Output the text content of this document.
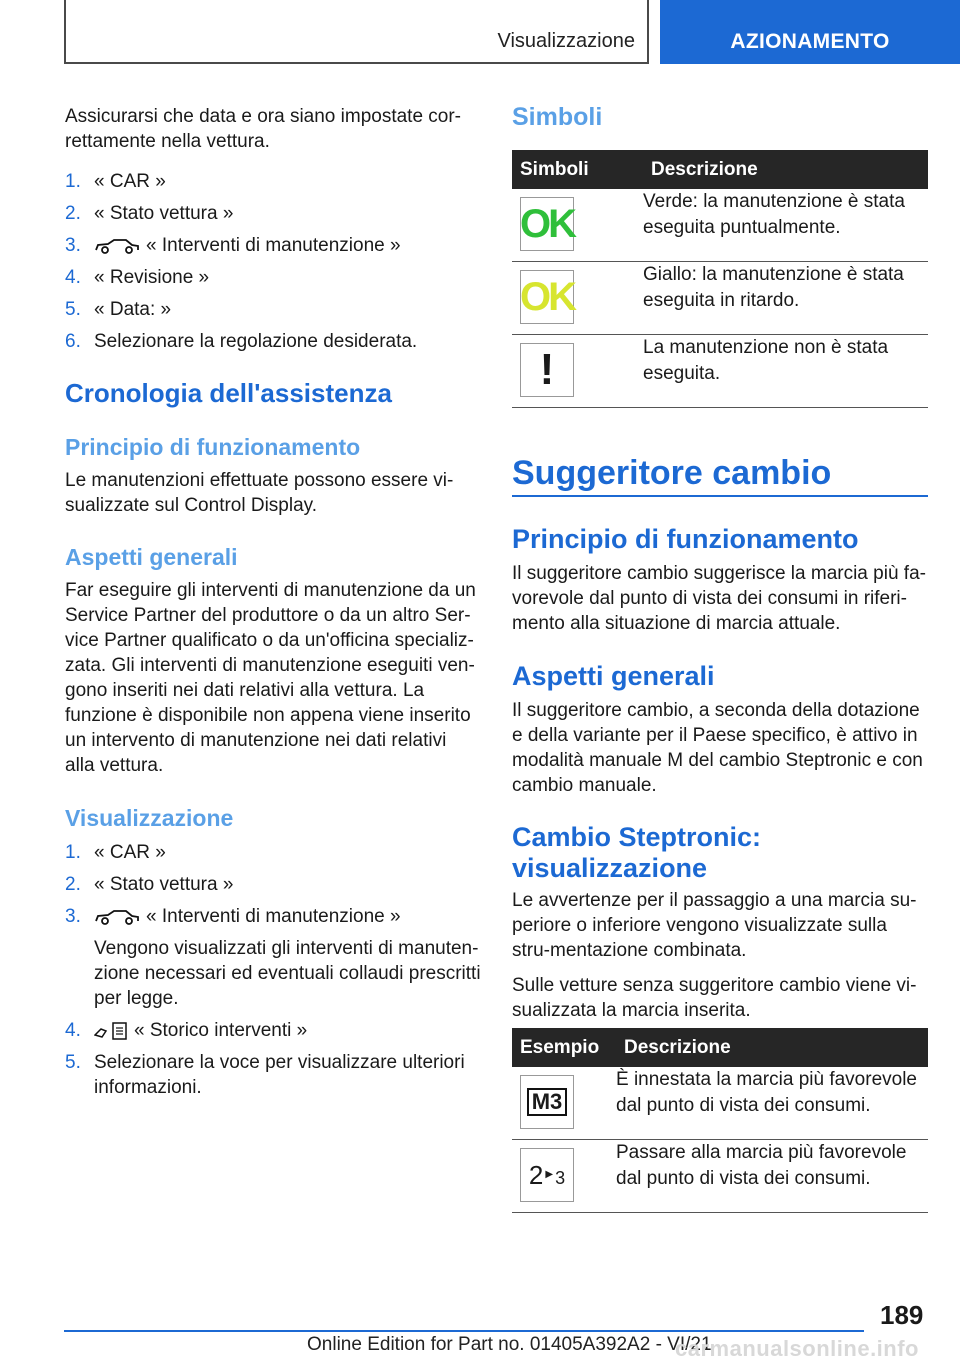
Visualizzazione	AZIONAMENTO

Assicurarsi che data e ora siano impostate cor-rettamente nella vettura.

1. « CAR »
2. « Stato vettura »
3.	« Interventi di manutenzione »
4. « Revisione »
5. « Data: »
6. Selezionare la regolazione desiderata.
Cronologia dell'assistenza
Principio di funzionamento

Le manutenzioni effettuate possono essere vi-sualizzate sul Control Display.

Aspetti generali

Far eseguire gli interventi di manutenzione da un Service Partner del produttore o da un altro Ser-vice Partner qualificato o da un'officina specializ-zata. Gli interventi di manutenzione eseguiti ven-gono inseriti nei dati relativi alla vettura. La funzione è disponibile non appena viene inserito un intervento di manutenzione nei dati relativi alla vettura.

Visualizzazione
1. « CAR »
2. « Stato vettura »
3.	« Interventi di manutenzione »
Vengono visualizzati gli interventi di manuten-zione necessari ed eventuali collaudi prescritti per legge.
4.	« Storico interventi »
5. Selezionare la voce per visualizzare ulteriori informazioni.
Simboli
Simboli	Descrizione

OK	Verde: la manutenzione è stata eseguita puntualmente.

OK	Giallo: la manutenzione è stata eseguita in ritardo.

!	La manutenzione non è stata eseguita.
Suggeritore cambio
Principio di funzionamento

Il suggeritore cambio suggerisce la marcia più fa-vorevole dal punto di vista dei consumi in riferi-mento alla situazione di marcia attuale.

Aspetti generali

Il suggeritore cambio, a seconda della dotazione e della variante per il Paese specifico, è attivo in modalità manuale M del cambio Steptronic e con cambio manuale.

Cambio Steptronic: visualizzazione

Le avvertenze per il passaggio a una marcia su-periore o inferiore vengono visualizzate sulla stru-mentazione combinata.

Sulle vetture senza suggeritore cambio viene vi-sualizzata la marcia inserita.

Esempio	Descrizione

M3	È innestata la marcia più favorevole dal punto di vista dei consumi.

2 ▶ 3	Passare alla marcia più favorevole dal punto di vista dei consumi.
189
Online Edition for Part no. 01405A392A2 - VI/21
carmanualsonline.info
